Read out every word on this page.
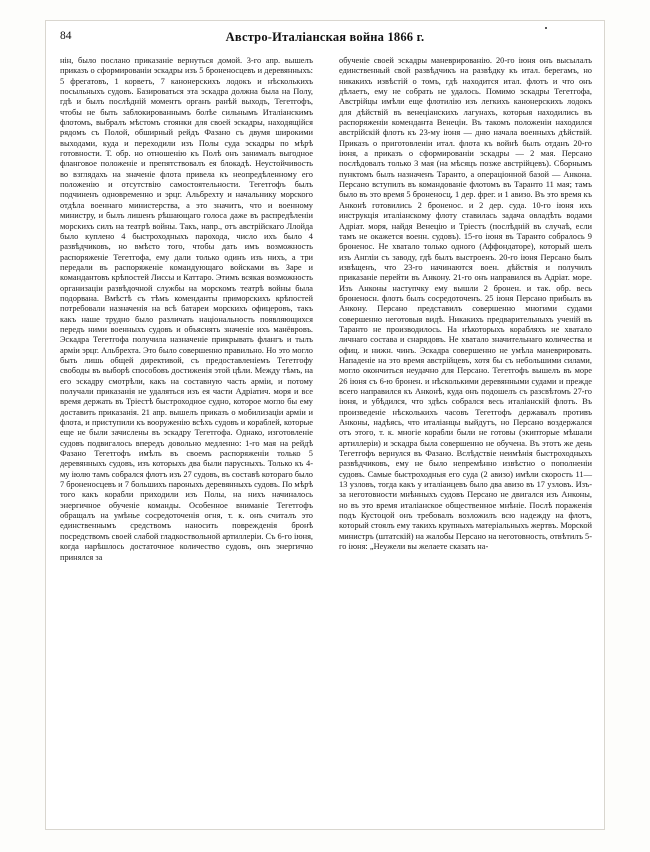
84	Австро-Италіанская война 1866 г.

нін, было послано приказаніе вернуться домой. 3-го апр. вышелъ приказъ о сформированіи эскадры изъ 5 броненосцевъ и деревянныхъ: 5 фрегатовъ, 1 корветъ, 7 канонерскихъ лодокъ и нѣсколькихъ посыльныхъ судовъ. Базироваться эта эскадра должна была на Полу, гдѣ и былъ послѣдній моментъ органъ ранѣй выходъ, Тегетгофъ, чтобы не быть заблокированнымъ болѣе сильнымъ Италіанскимъ флотомъ, выбралъ мѣстомъ стоянки для своей эскадры, находящійся рядомъ съ Полой, обширный рейдъ Фазано съ двумя широкими выходами, куда и переходили изъ Полы суда эскадры по мѣрѣ готовности. Т. обр. но отношенію къ Полѣ онъ занималъ выгодное фланговое положеніе и препятствовалъ ея блокадѣ. Неустойчивость во взглядахъ на значеніе флота привела къ неопредѣленному его положенію и отсутствію самостоятельности. Тегетгофъ былъ подчиненъ одновременно и эрцг. Альбрехту и начальнику морского отдѣла военнаго министерства, а это значитъ, что и военному министру, и былъ лишенъ рѣшающаго голоса даже въ распредѣленіи морскихъ силъ на театрѣ войны. Такъ, напр., отъ австрійскаго Ллойда было куплено 4 быстроходныхъ парохода, число ихъ было 4 развѣдчиковъ, но вмѣсто того, чтобы дать имъ возможность распоряженіе Тегетгофа, ему дали только одинъ изъ нихъ, а три передали въ распоряженіе командующаго войсками въ Заре и командантовъ крѣпостей Лиссы и Каттаро. Этимъ всякая возможность организаціи развѣдочной службы на морскомъ театрѣ войны была подорвана. Вмѣстѣ съ тѣмъ коменданты приморскихъ крѣпостей потребовали назначенія на всѣ батареи морскихъ офицеровъ, такъ какъ наше трудно было различать національность появляющихся передъ ними военныхъ судовъ и объяснять значеніе ихъ манёвровъ. Эскадра Тегетгофа получила назначеніе прикрывать флангъ и тылъ арміи эрцг. Альбрехта. Это было совершенно правильно. Но это могло быть лишь общей директивой, съ предоставленіемъ Тегетгофу свободы въ выборѣ способовъ достиженія этой цѣли. Между тѣмъ, на его эскадру смотрѣли, какъ на составную часть арміи, и потому получали приказанія не удаляться изъ ея части Адріатич. моря и все время держать въ Тріестѣ быстроходное судно, которое могло бы ему доставить приказанія. 21 апр. вышелъ приказъ о мобилизаціи арміи и флота, и приступили къ вооруженію всѣхъ судовъ и кораблей, которые еще не были зачислены въ эскадру Тегетгофа. Однако, изготовленіе судовъ подвигалось впередъ довольно медленно: 1-го мая на рейдѣ Фазано Тегетгофъ имѣлъ въ своемъ распоряженіи только 5 деревянныхъ судовъ, изъ которыхъ два были парусныхъ. Только къ 4-му іюлю тамъ собрался флотъ изъ 27 судовъ, въ составѣ котораго было 7 броненосцевъ и 7 большихъ пароныхъ деревянныхъ судовъ. По мѣрѣ того какъ корабли приходили изъ Полы, на нихъ начиналось энергичное обученіе команды. Особенное вниманіе Тегетгофъ обращалъ на умѣнье сосредоточенія огня, т. к. онъ считалъ это единственнымъ средствомъ наносить поврежденія бронѣ посредствомъ своей слабой гладкоствольной артиллеріи. Съ 6-го іюня, когда нарѣшлось достаточное количество судовъ, онъ энергично принялся за

обученіе своей эскадры маневрированію. 20-го іюня онъ высылалъ единственный свой развѣдчикъ на развѣдку къ итал. берегамъ, но никакихъ извѣстій о томъ, гдѣ находится итал. флотъ и что онъ дѣлаетъ, ему не собрать не удалось. Помимо эскадры Тегетгофа, Австрійцы имѣли еще флотилію изъ легкихъ канонерскихъ лодокъ для дѣйствій въ венеціанскихъ лагунахъ, которыя находились въ распоряженіи коменданта Венеціи. Въ такомъ положеніи находился австрійскій флотъ къ 23-му іюня — дню начала военныхъ дѣйствій. Приказъ о приготовленіи итал. флота къ войнѣ былъ отданъ 20-го іюня, а приказъ о сформированіи эскадры — 2 мая. Персано послѣдовалъ только 3 мая (на мѣсяцъ позже австрійцевъ). Сборнымъ пунктомъ былъ назначенъ Таранто, а операціонной базой — Анкона. Персано вступилъ въ командованіе флотомъ въ Таранто 11 мая; тамъ было въ это время 5 броненосц, 1 дер. фрег. и 1 авизо. Въ это время къ Анконѣ готовились 2 броненос. и 2 дер. суда. 10-го іюня ихъ инструкція италіанскому флоту ставилась задача овладѣть водами Адріат. моря, найдя Венецію и Тріестъ (послѣдній въ случаѣ, если тамъ не окажется военн. судовъ). 15-го іюня въ Таранто собралось 9 броненос. Не хватало только одного (Аффондаторе), который шелъ изъ Англіи съ заводу, гдѣ былъ выстроенъ. 20-го іюня Персано былъ извѣщенъ, что 23-го начинаются воен. дѣйствія и получилъ приказаніе перейти въ Анкону. 21-го онъ направился въ Адріат. море. Изъ Анконы наступчку ему вышли 2 бронен. и так. обр. весь броненосн. флотъ былъ сосредоточенъ. 25 іюня Персано прибылъ въ Анкону. Персано представилъ совершенно многими судами совершенно неготовыя видѣ. Никакихъ предварительныхъ ученій въ Таранто не производилось. На нѣкоторыхъ корабляхъ не хватало личнаго состава и снарядовъ. Не хватало значительнаго количества и офиц. и нижн. чинъ. Эскадра совершенно не умѣла маневрировать. Нападеніе на это время австрійцевъ, хотя бы съ небольшими силами, могло окончиться неудачно для Персано. Тегетгофъ вышелъ въ море 26 іюня съ 6-ю бронен. и нѣсколькими деревянными судами и прежде всего направился къ Анконѣ, куда онъ подошелъ съ разсвѣтомъ 27-го іюня, и убѣдился, что здѣсь собрался весь италіанскій флотъ. Въ произведеніе нѣсколькихъ часовъ Тегетгофъ державалъ противъ Анконы, надѣясь, что италіанцы выйдутъ, но Персано воздержался отъ этого, т. к. многіе корабли были не готовы (экипторые мѣшали артиллеріи) и эскадра была совершенно не обучена. Въ этотъ же день Тегетгофъ вернулся въ Фазано. Вслѣдствіе неимѣнія быстроходныхъ развѣдчиковъ, ему не было непремѣнно извѣстно о пополненіи судовъ. Самые быстроходныя его суда (2 авизо) имѣли скорость 11—13 узловъ, тогда какъ у италіанцевъ было два авизо въ 17 узловъ. Изъ-за неготовности мнѣнныхъ судовъ Персано не двигался изъ Анконы, но въ это время италіанское общественное мнѣніе. Послѣ пораженія подъ Кустоцой онъ требовалъ возложилъ всю надежду на флотъ, который стоялъ ему такихъ крупныхъ матеріальныхъ жертвъ. Морской министръ (штатскій) на жалобы Персано на неготовность, отвѣтилъ 5-го іюня: „Неужели вы желаете сказать на-
